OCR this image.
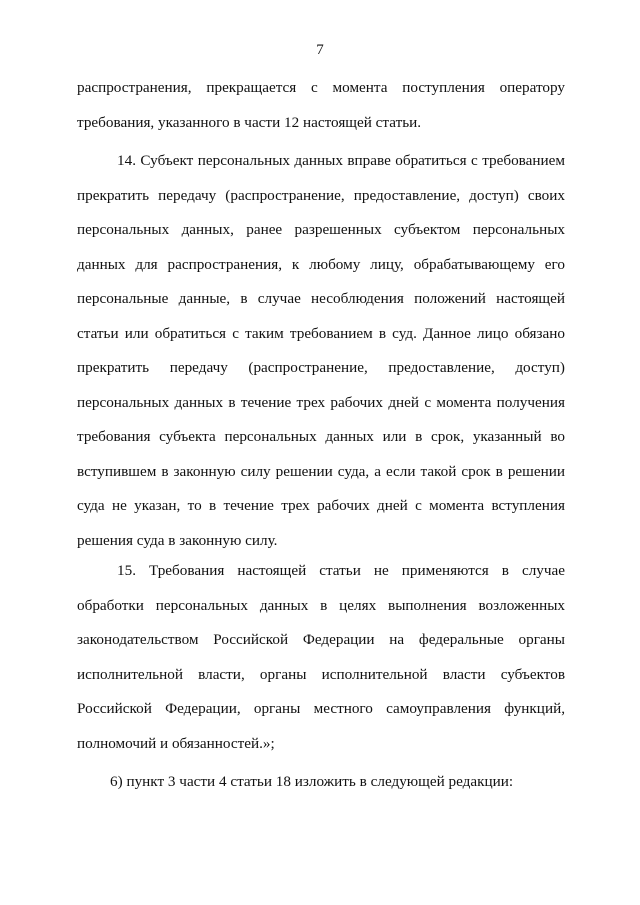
7
распространения, прекращается с момента поступления оператору
требования, указанного в части 12 настоящей статьи.
14. Субъект персональных данных вправе обратиться с требованием
прекратить передачу (распространение, предоставление, доступ) своих
персональных данных, ранее разрешенных субъектом персональных
данных для распространения, к любому лицу, обрабатывающему его
персональные данные, в случае несоблюдения положений настоящей
статьи или обратиться с таким требованием в суд. Данное лицо обязано
прекратить передачу (распространение, предоставление, доступ)
персональных данных в течение трех рабочих дней с момента получения
требования субъекта персональных данных или в срок, указанный во
вступившем в законную силу решении суда, а если такой срок в решении
суда не указан, то в течение трех рабочих дней с момента вступления
решения суда в законную силу.
15. Требования настоящей статьи не применяются в случае
обработки персональных данных в целях выполнения возложенных
законодательством Российской Федерации на федеральные органы
исполнительной власти, органы исполнительной власти субъектов
Российской Федерации, органы местного самоуправления функций,
полномочий и обязанностей.»;
6) пункт 3 части 4 статьи 18 изложить в следующей редакции:
